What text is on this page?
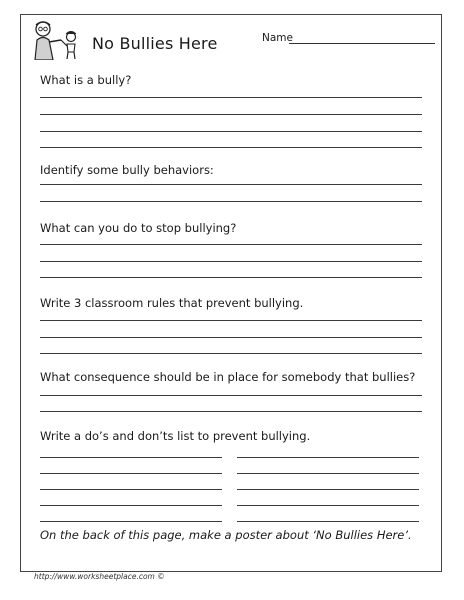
No Bullies Here	Name
What is a bully?
Identify some bully behaviors:
What can you do to stop bullying?
Write 3 classroom rules that prevent bullying.
What consequence should be in place for somebody that bullies?
Write a do’s and don’ts list to prevent bullying.
On the back of this page, make a poster about ‘No Bullies Here’.
http://www.worksheetplace.com ©
